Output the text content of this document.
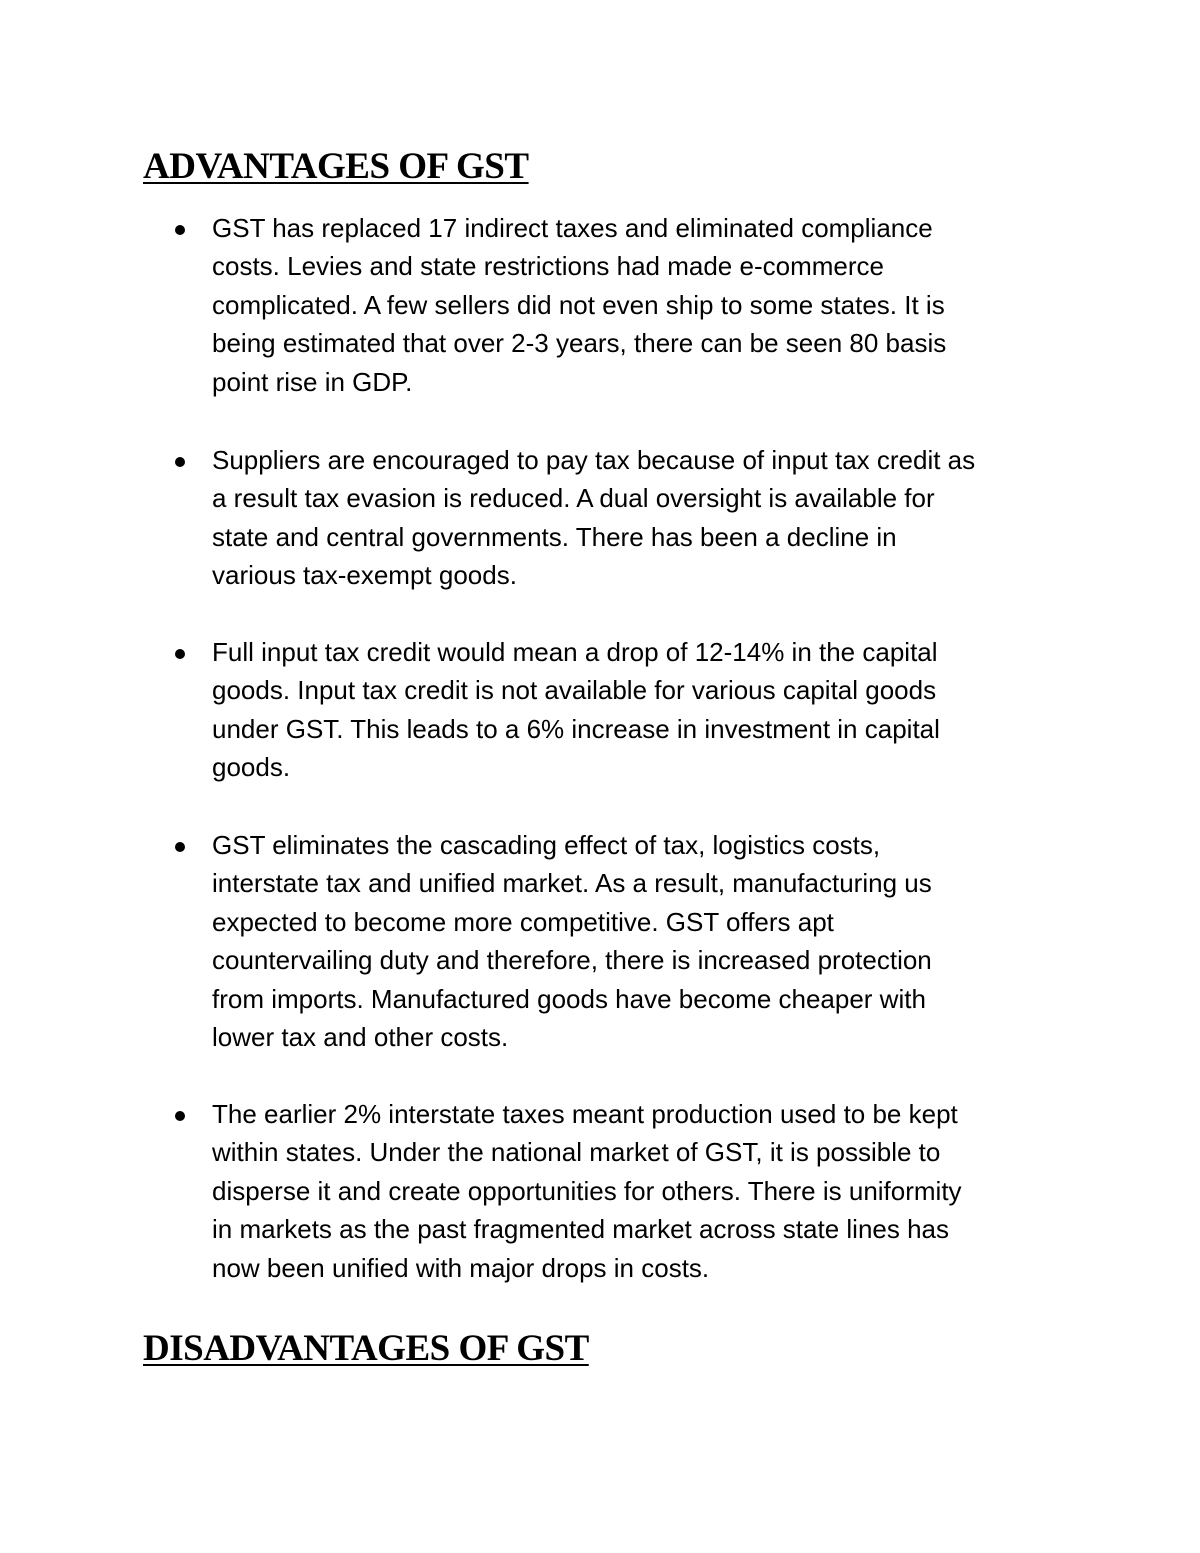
ADVANTAGES OF GST

GST has replaced 17 indirect taxes and eliminated compliance
costs. Levies and state restrictions had made e-commerce
complicated. A few sellers did not even ship to some states. It is
being estimated that over 2-3 years, there can be seen 80 basis
point rise in GDP.

Suppliers are encouraged to pay tax because of input tax credit as
a result tax evasion is reduced. A dual oversight is available for
state and central governments. There has been a decline in
various tax-exempt goods.

Full input tax credit would mean a drop of 12-14% in the capital
goods. Input tax credit is not available for various capital goods
under GST. This leads to a 6% increase in investment in capital
goods.

GST eliminates the cascading effect of tax, logistics costs,
interstate tax and unified market. As a result, manufacturing us
expected to become more competitive. GST offers apt
countervailing duty and therefore, there is increased protection
from imports. Manufactured goods have become cheaper with
lower tax and other costs.

The earlier 2% interstate taxes meant production used to be kept
within states. Under the national market of GST, it is possible to
disperse it and create opportunities for others. There is uniformity
in markets as the past fragmented market across state lines has
now been unified with major drops in costs.

DISADVANTAGES OF GST
